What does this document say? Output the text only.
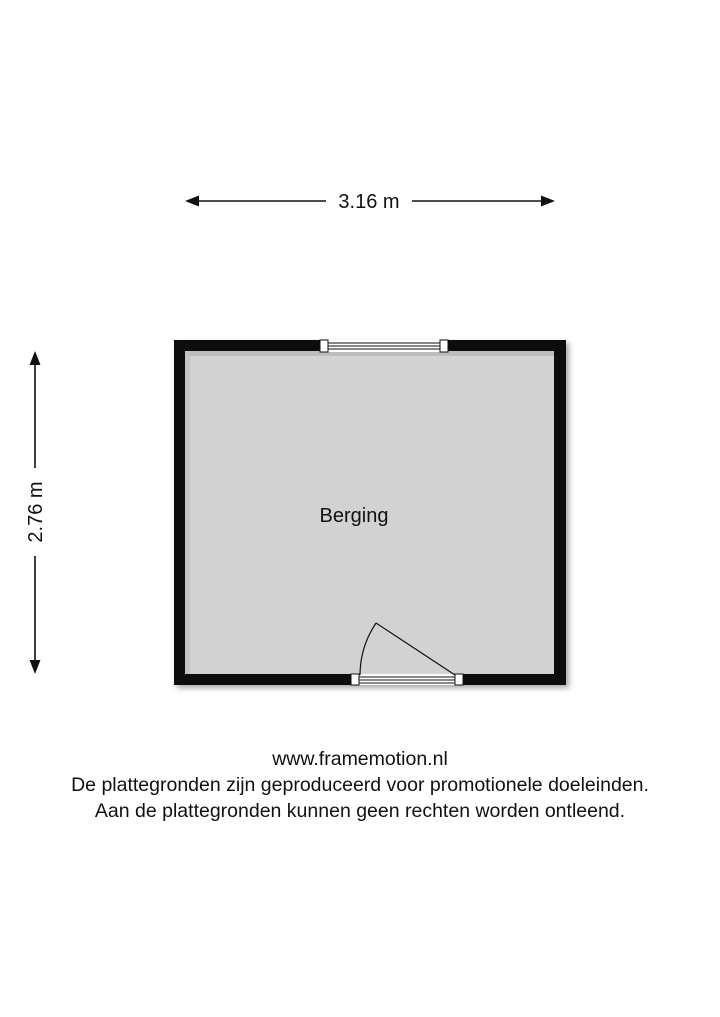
3.16 m
2.76 m	Berging
www.framemotion.nl
De plattegronden zijn geproduceerd voor promotionele doeleinden.
Aan de plattegronden kunnen geen rechten worden ontleend.
